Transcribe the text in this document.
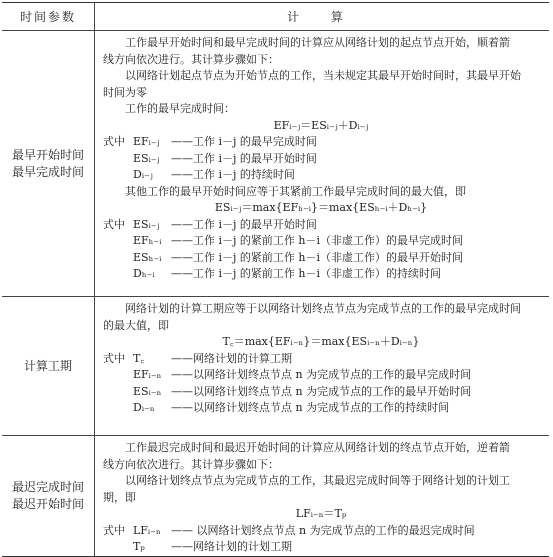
时间参数	计 算
最早开始时间
最早完成时间
工作最早开始时间和最早完成时间的计算应从网络计划的起点节点开始，顺着箭
线方向依次进行。其计算步骤如下：
以网络计划起点节点为开始节点的工作，当未规定其最早开始时间时，其最早开始
时间为零
工作的最早完成时间：
EFᵢ₋ⱼ＝ESᵢ₋ⱼ＋Dᵢ₋ⱼ
式中 EFᵢ₋ⱼ ——工作 i－j 的最早完成时间
ESᵢ₋ⱼ ——工作 i－j 的最早开始时间
Dᵢ₋ⱼ ——工作 i－j 的持续时间
其他工作的最早开始时间应等于其紧前工作最早完成时间的最大值，即
ESᵢ₋ⱼ＝max{EFₕ₋ᵢ}＝max{ESₕ₋ᵢ＋Dₕ₋ᵢ}
式中 ESᵢ₋ⱼ ——工作 i－j 的最早开始时间
EFₕ₋ᵢ ——工作 i－j 的紧前工作 h－i（非虚工作）的最早完成时间
ESₕ₋ᵢ ——工作 i－j 的紧前工作 h－i（非虚工作）的最早开始时间
Dₕ₋ᵢ ——工作 i－j 的紧前工作 h－i（非虚工作）的持续时间
计算工期
网络计划的计算工期应等于以网络计划终点节点为完成节点的工作的最早完成时间
的最大值，即
T꜀＝max{EFᵢ₋ₙ}＝max{ESᵢ₋ₙ＋Dᵢ₋ₙ}
式中 T꜀ ——网络计划的计算工期
EFᵢ₋ₙ ——以网络计划终点节点 n 为完成节点的工作的最早完成时间
ESᵢ₋ₙ ——以网络计划终点节点 n 为完成节点的工作的最早开始时间
Dᵢ₋ₙ ——以网络计划终点节点 n 为完成节点的工作的持续时间
最迟完成时间
最迟开始时间
工作最迟完成时间和最迟开始时间的计算应从网络计划的终点节点开始，逆着箭
线方向依次进行。其计算步骤如下：
以网络计划终点节点为完成节点的工作，其最迟完成时间等于网络计划的计划工
期，即
LFᵢ₋ₙ＝Tₚ
式中 LFᵢ₋ₙ —— 以网络计划终点节点 n 为完成节点的工作的最迟完成时间
Tₚ ——网络计划的计划工期
